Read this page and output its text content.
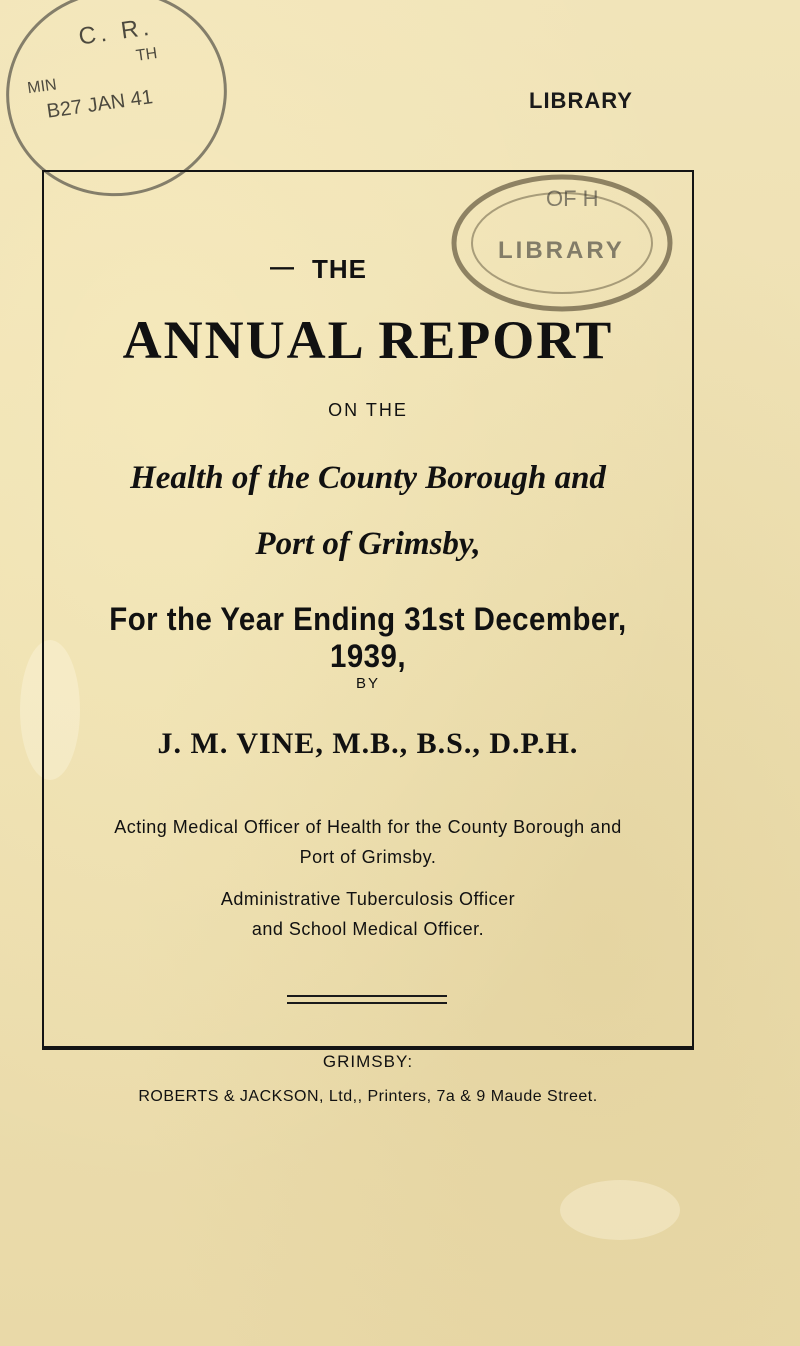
C. R.
MIN
TH
B27 JAN 41	LIBRARY
OF H
LIBRARY
— THE
ANNUAL REPORT
ON THE
Health of the County Borough and
Port of Grimsby,
For the Year Ending 31st December, 1939,
BY
J. M. VINE, M.B., B.S., D.P.H.
Acting Medical Officer of Health for the County Borough and
Port of Grimsby.
Administrative Tuberculosis Officer
and School Medical Officer.
GRIMSBY:
ROBERTS & JACKSON, Ltd,, Printers, 7a & 9 Maude Street.
